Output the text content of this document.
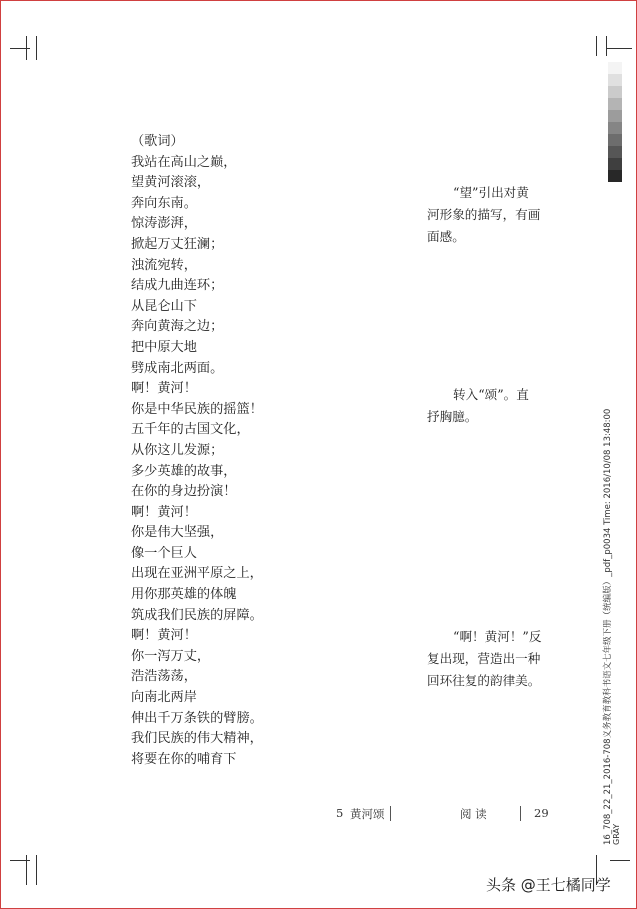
（歌词）
我站在高山之巅，
望黄河滚滚，
奔向东南。
惊涛澎湃，
掀起万丈狂澜；
浊流宛转，
结成九曲连环；
从昆仑山下
奔向黄海之边；
把中原大地
劈成南北两面。
啊！黄河！
你是中华民族的摇篮！
五千年的古国文化，
从你这儿发源；
多少英雄的故事，
在你的身边扮演！
啊！黄河！
你是伟大坚强，
像一个巨人
出现在亚洲平原之上，
用你那英雄的体魄
筑成我们民族的屏障。
啊！黄河！
你一泻万丈，
浩浩荡荡，
向南北两岸
伸出千万条铁的臂膀。
我们民族的伟大精神，
将要在你的哺育下
“望”引出对黄
河形象的描写，有画
面感。
转入“颂”。直
抒胸臆。
“啊！黄河！”反
复出现，营造出一种
回环往复的韵律美。
5 黄河颂	阅 读	29	16_708_22_21_2016-708义务教育教科书语文七年级下册（统编版）_pdf_p0034 Time: 2016/10/08 13:48:00 GRAY
头条 @王七橘同学
